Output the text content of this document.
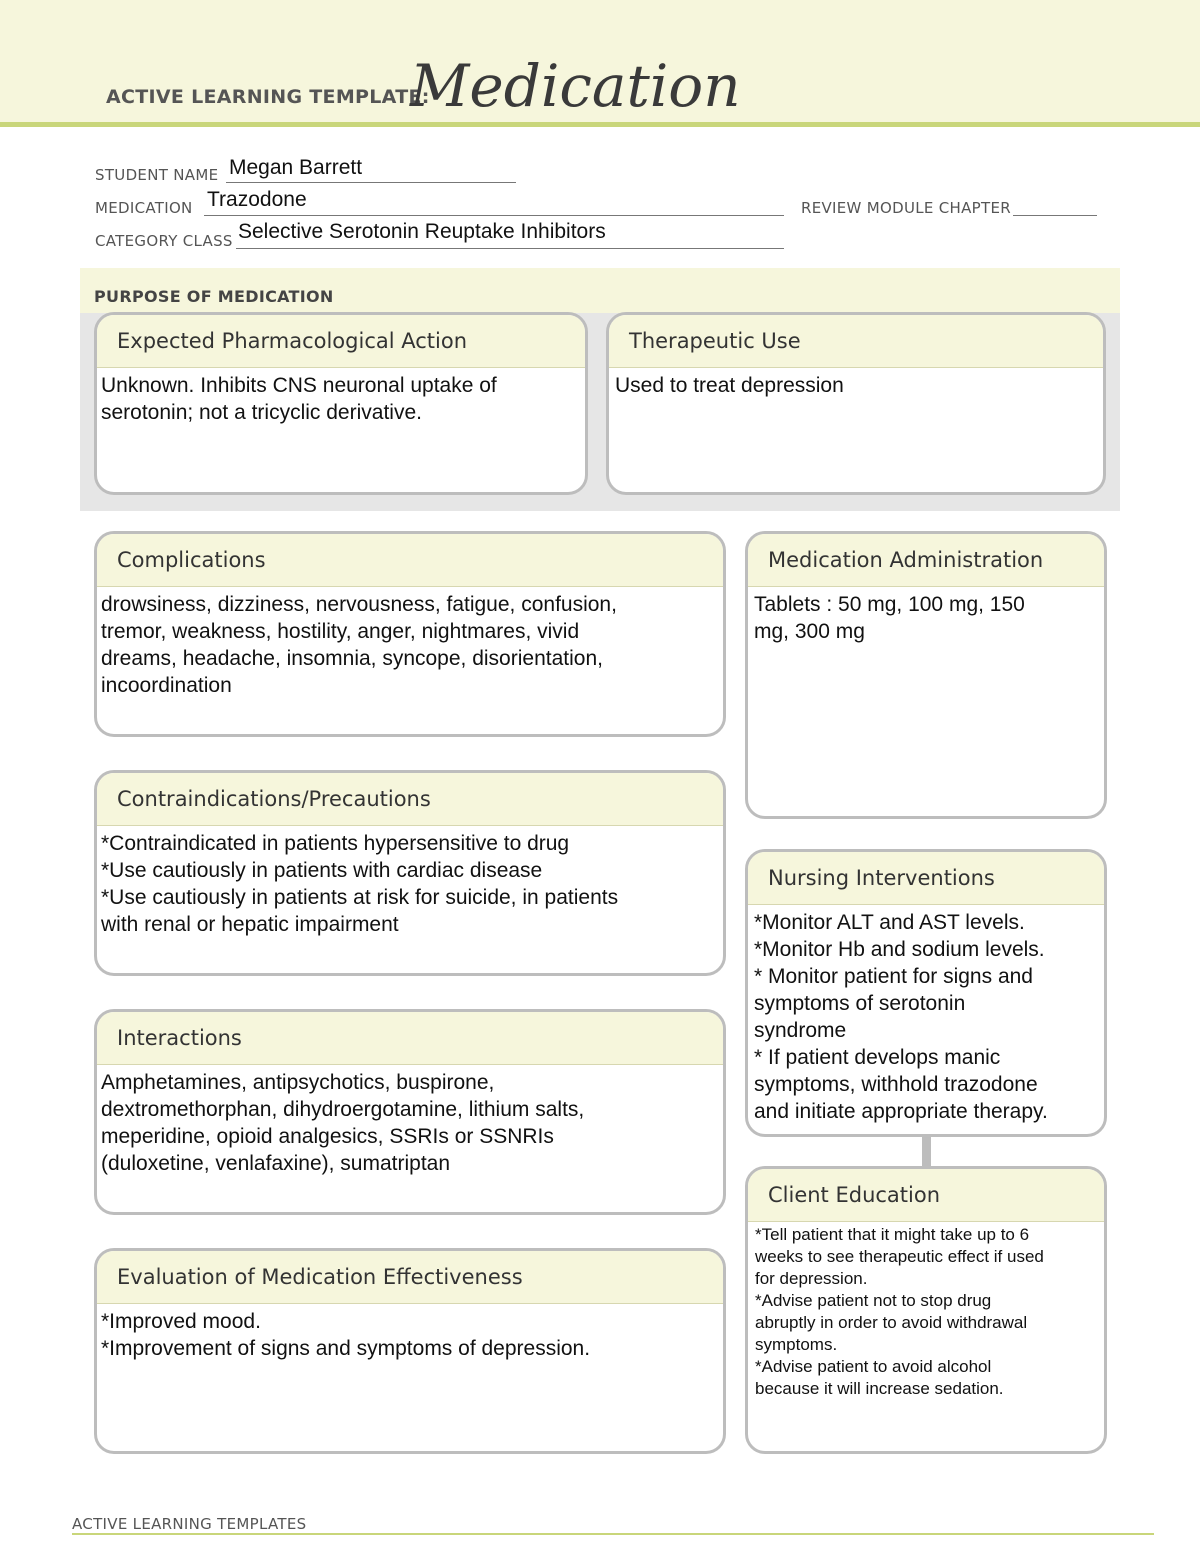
ACTIVE LEARNING TEMPLATE:
Medication
STUDENT NAME Megan Barrett
MEDICATION Trazodone	REVIEW MODULE CHAPTER
CATEGORY CLASS Selective Serotonin Reuptake Inhibitors
PURPOSE OF MEDICATION
Expected Pharmacological Action
Unknown. Inhibits CNS neuronal uptake of
serotonin; not a tricyclic derivative.
Therapeutic Use
Used to treat depression
Complications
drowsiness, dizziness, nervousness, fatigue, confusion,
tremor, weakness, hostility, anger, nightmares, vivid
dreams, headache, insomnia, syncope, disorientation,
incoordination
Contraindications/Precautions
*Contraindicated in patients hypersensitive to drug
*Use cautiously in patients with cardiac disease
*Use cautiously in patients at risk for suicide, in patients
with renal or hepatic impairment
Interactions
Amphetamines, antipsychotics, buspirone,
dextromethorphan, dihydroergotamine, lithium salts,
meperidine, opioid analgesics, SSRIs or SSNRIs
(duloxetine, venlafaxine), sumatriptan
Evaluation of Medication Effectiveness
*Improved mood.
*Improvement of signs and symptoms of depression.
Medication Administration
Tablets : 50 mg, 100 mg, 150
mg, 300 mg
Nursing Interventions
*Monitor ALT and AST levels.
*Monitor Hb and sodium levels.
* Monitor patient for signs and
symptoms of serotonin
syndrome
* If patient develops manic
symptoms, withhold trazodone
and initiate appropriate therapy.
Client Education
*Tell patient that it might take up to 6
weeks to see therapeutic effect if used
for depression.
*Advise patient not to stop drug
abruptly in order to avoid withdrawal
symptoms.
*Advise patient to avoid alcohol
because it will increase sedation.
ACTIVE LEARNING TEMPLATES
